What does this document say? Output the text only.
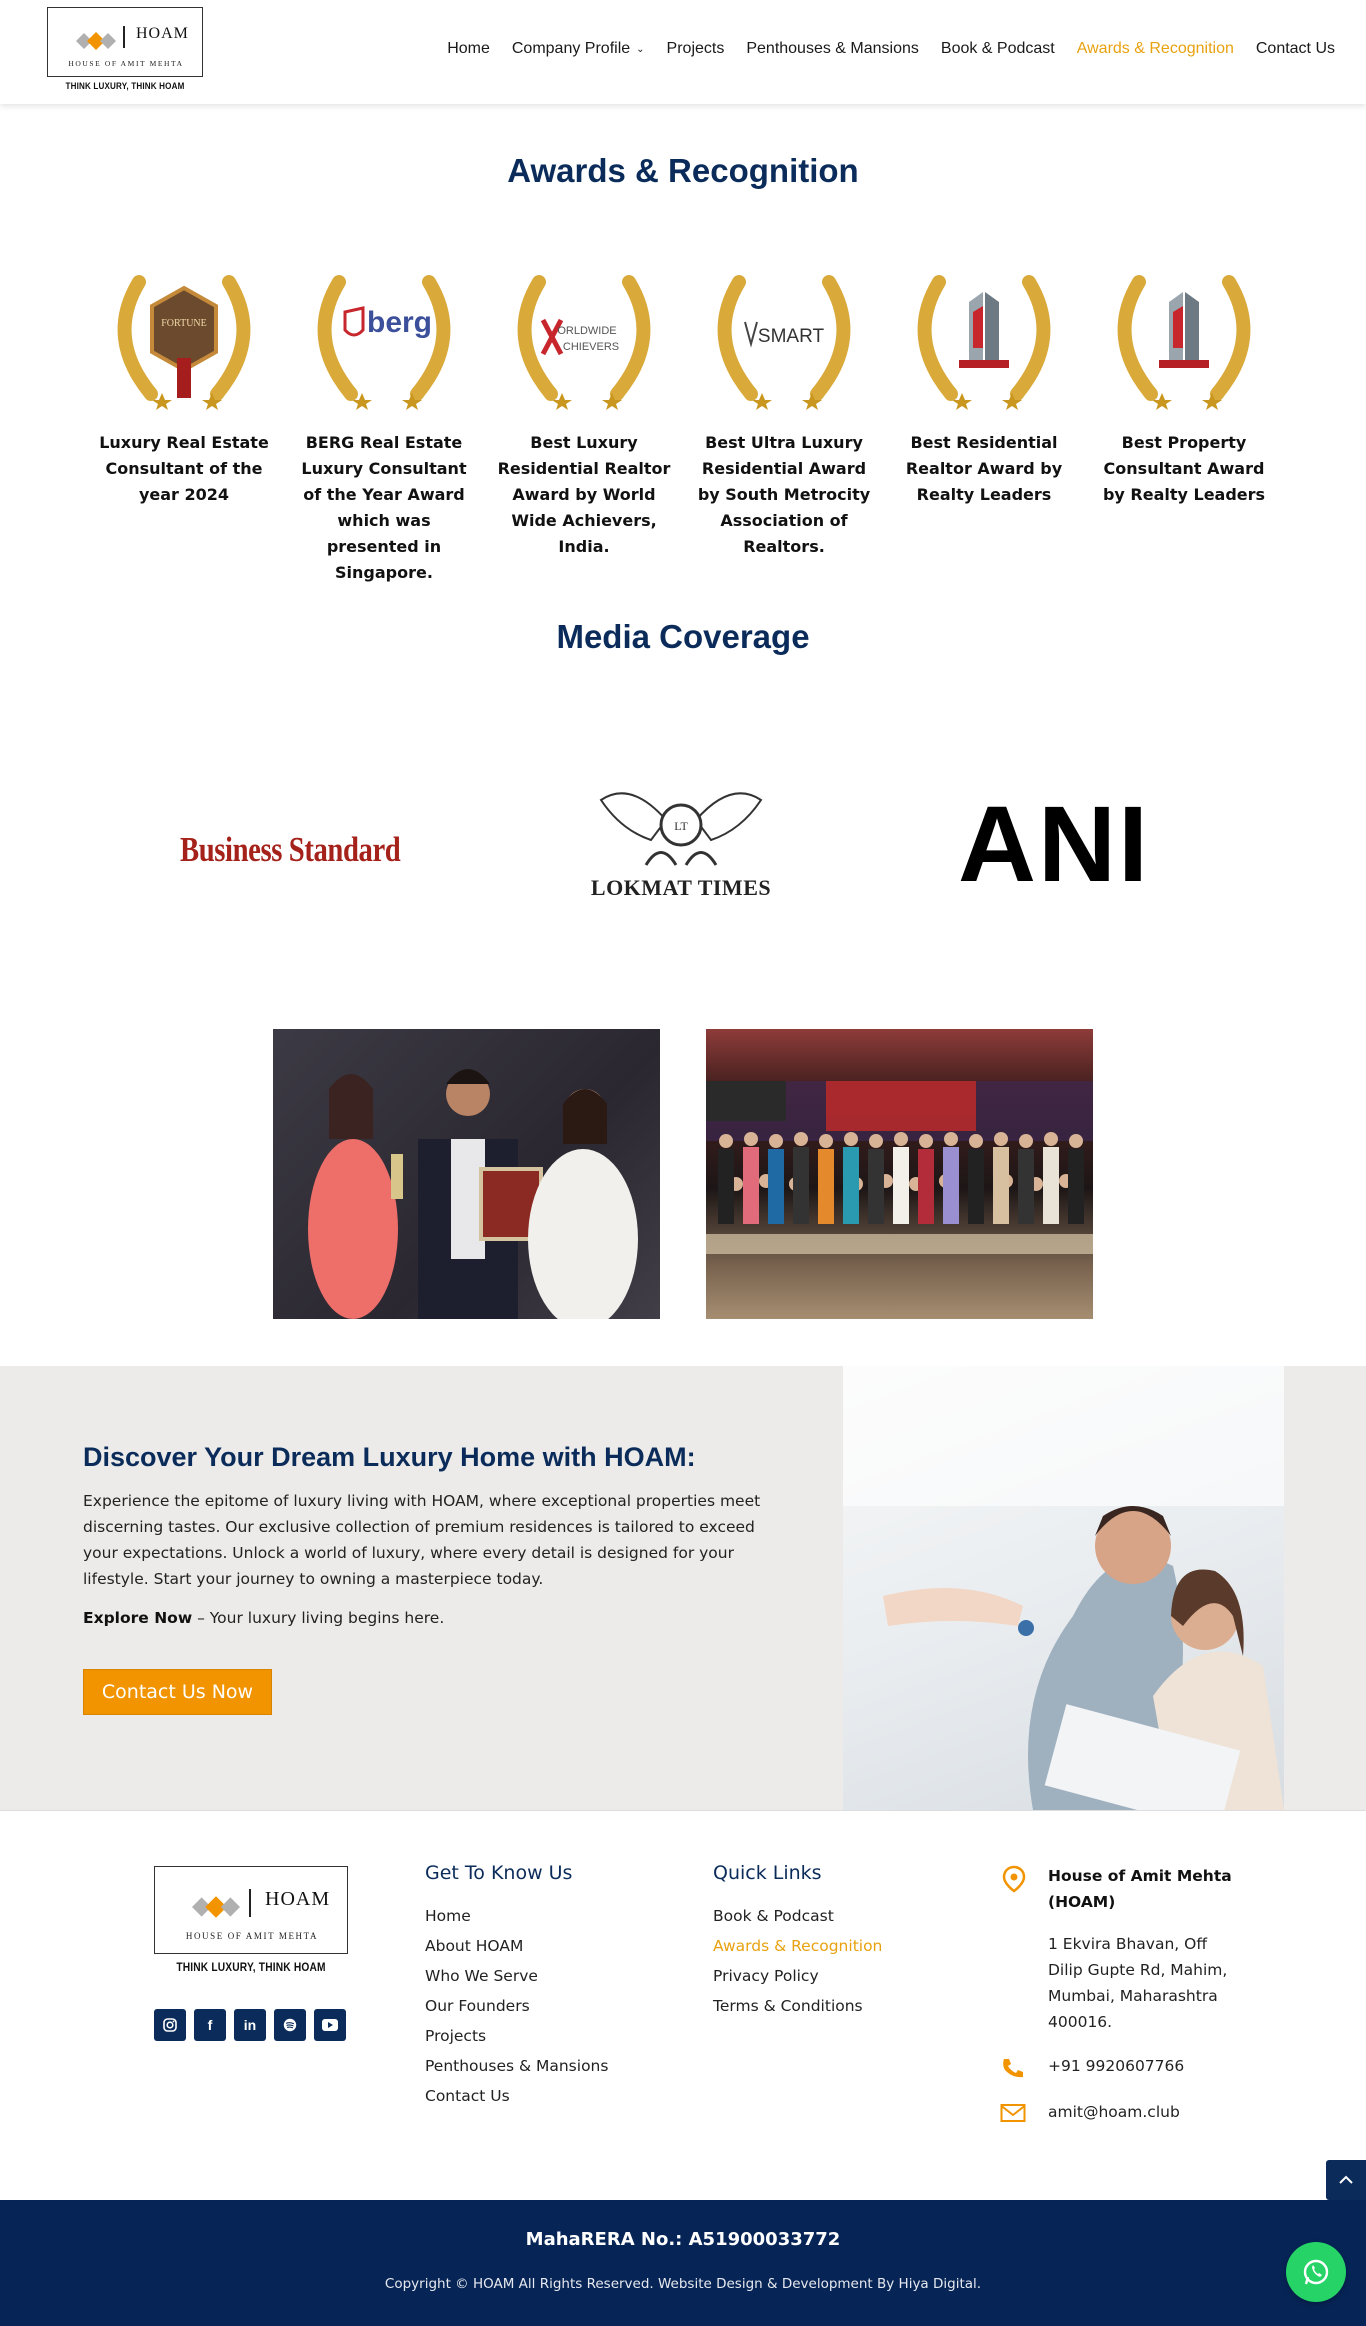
HOAM
HOUSE OF AMIT MEHTA
THINK LUXURY, THINK HOAM
Home Company Profile ⌄ Projects Penthouses & Mansions Book & Podcast Awards & Recognition Contact Us
Awards & Recognition
FORTUNE
Luxury Real Estate Consultant of the year 2024
berg
BERG Real Estate Luxury Consultant of the Year Award which was presented in Singapore.
ORLDWIDE
CHIEVERS
Best Luxury Residential Realtor Award by World Wide Achievers, India.
SMART
Best Ultra Luxury Residential Award by South Metrocity Association of Realtors.
Best Residential Realtor Award by Realty Leaders
Best Property Consultant Award by Realty Leaders
Media Coverage
Business Standard
LT
LOKMAT TIMES ANI
Discover Your Dream Luxury Home with HOAM:

Experience the epitome of luxury living with HOAM, where exceptional properties meet discerning tastes. Our exclusive collection of premium residences is tailored to exceed your expectations. Unlock a world of luxury, where every detail is designed for your lifestyle. Start your journey to owning a masterpiece today.

Explore Now – Your luxury living begins here.

Contact Us Now
HOAM
HOUSE OF AMIT MEHTA
THINK LUXURY, THINK HOAM
f	in
Get To Know Us
Home
About HOAM
Who We Serve
Our Founders
Projects
Penthouses & Mansions
Contact Us
Quick Links
Book & Podcast
Awards & Recognition
Privacy Policy
Terms & Conditions
House of Amit Mehta (HOAM)
1 Ekvira Bhavan, Off Dilip Gupte Rd, Mahim, Mumbai, Maharashtra 400016.
+91 9920607766
amit@hoam.club
MahaRERA No.: A51900033772
Copyright © HOAM All Rights Reserved. Website Design & Development By Hiya Digital.
